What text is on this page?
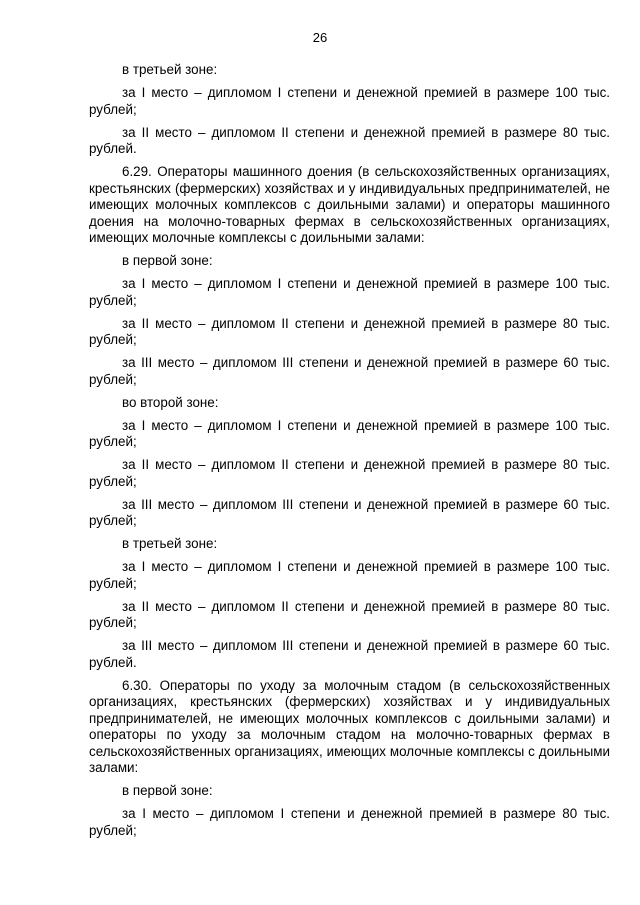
26

в третьей зоне:

за I место – дипломом I степени и денежной премией в размере 100 тыс. рублей;

за II место – дипломом II степени и денежной премией в размере 80 тыс. рублей.

6.29. Операторы машинного доения (в сельскохозяйственных организациях, крестьянских (фермерских) хозяйствах и у индивидуальных предпринимателей, не имеющих молочных комплексов с доильными залами) и операторы машинного доения на молочно-товарных фермах в сельскохозяйственных организациях, имеющих молочные комплексы с доильными залами:

в первой зоне:

за I место – дипломом I степени и денежной премией в размере 100 тыс. рублей;

за II место – дипломом II степени и денежной премией в размере 80 тыс. рублей;

за III место – дипломом III степени и денежной премией в размере 60 тыс. рублей;

во второй зоне:

за I место – дипломом I степени и денежной премией в размере 100 тыс. рублей;

за II место – дипломом II степени и денежной премией в размере 80 тыс. рублей;

за III место – дипломом III степени и денежной премией в размере 60 тыс. рублей;

в третьей зоне:

за I место – дипломом I степени и денежной премией в размере 100 тыс. рублей;

за II место – дипломом II степени и денежной премией в размере 80 тыс. рублей;

за III место – дипломом III степени и денежной премией в размере 60 тыс. рублей.

6.30. Операторы по уходу за молочным стадом (в сельскохозяйственных организациях, крестьянских (фермерских) хозяйствах и у индивидуальных предпринимателей, не имеющих молочных комплексов с доильными залами) и операторы по уходу за молочным стадом на молочно-товарных фермах в сельскохозяйственных организациях, имеющих молочные комплексы с доильными залами:

в первой зоне:

за I место – дипломом I степени и денежной премией в размере 80 тыс. рублей;
